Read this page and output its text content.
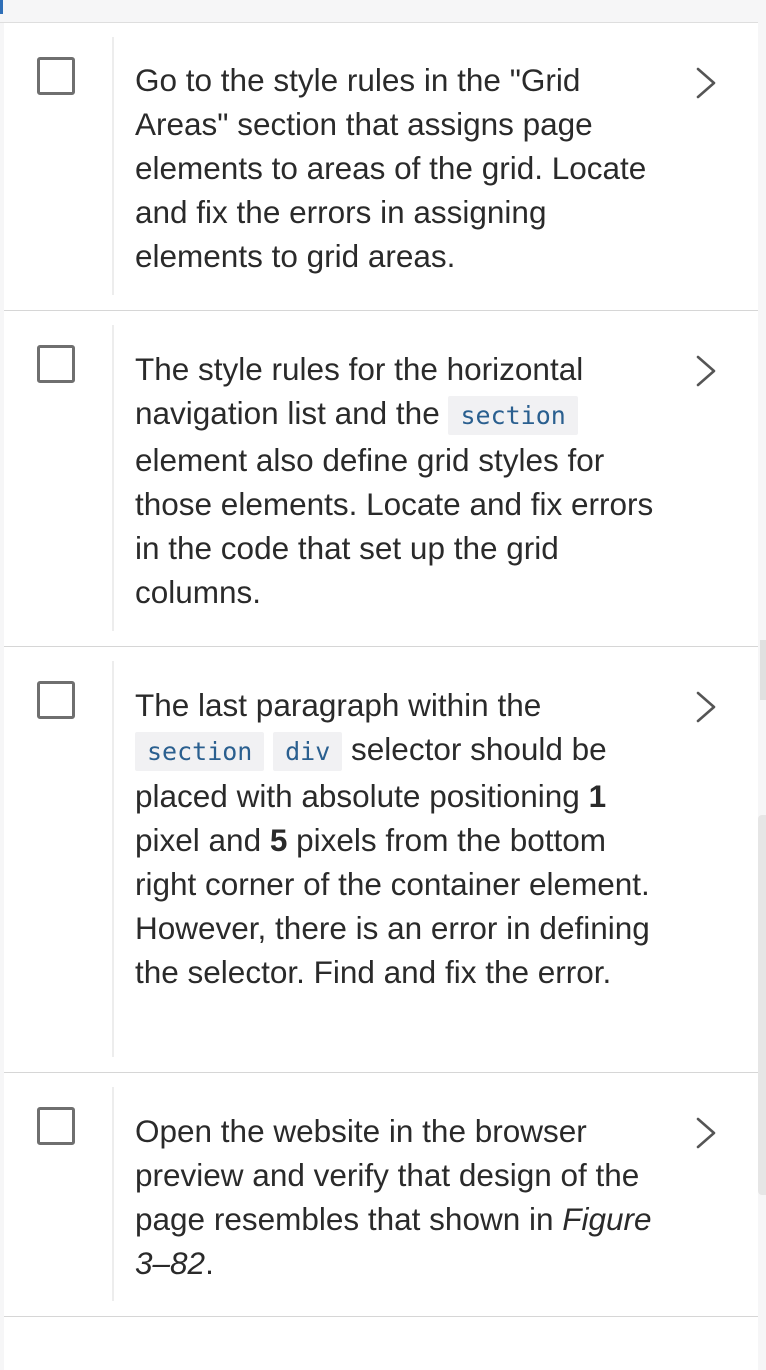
Go to the style rules in the "Grid Areas" section that assigns page elements to areas of the grid. Locate and fix the errors in assigning elements to grid areas.

The style rules for the horizontal navigation list and the section element also define grid styles for those elements. Locate and fix errors in the code that set up the grid columns.

The last paragraph within the section div selector should be placed with absolute positioning 1 pixel and 5 pixels from the bottom right corner of the container element. However, there is an error in defining the selector. Find and fix the error.

Open the website in the browser preview and verify that design of the page resembles that shown in Figure 3–82.
